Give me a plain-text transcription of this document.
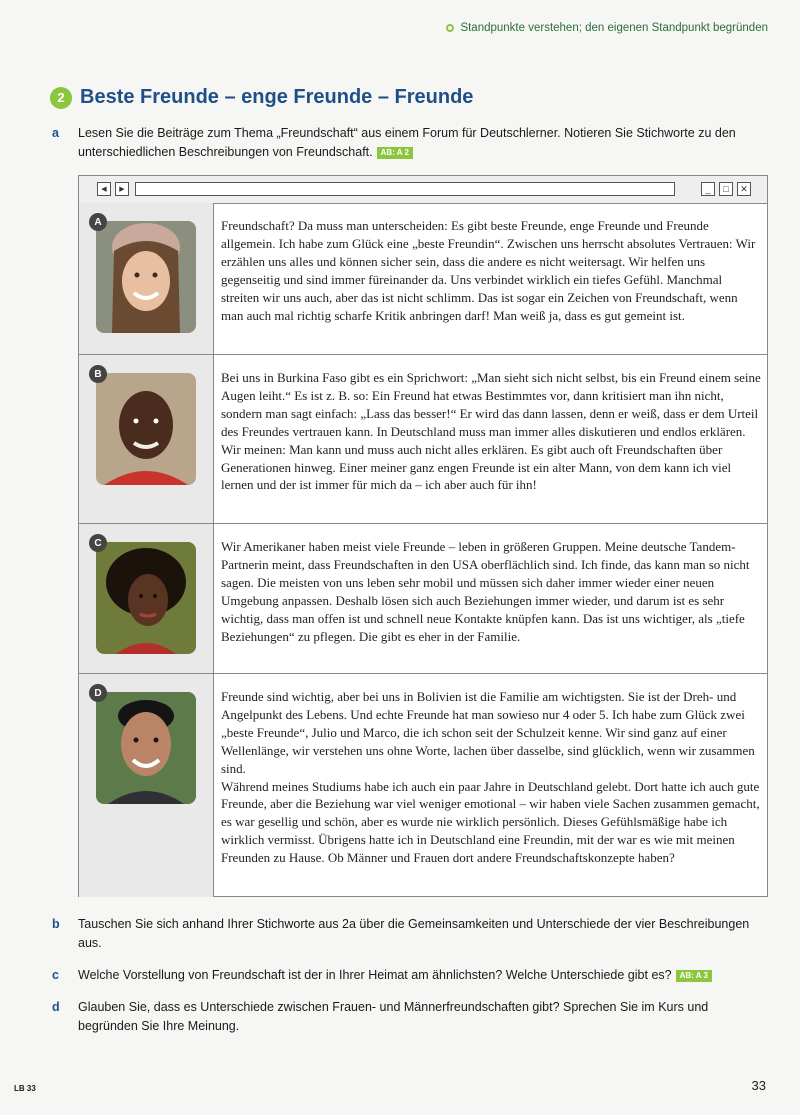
Standpunkte verstehen; den eigenen Standpunkt begründen
2 Beste Freunde – enge Freunde – Freunde
a Lesen Sie die Beiträge zum Thema „Freundschaft“ aus einem Forum für Deutschlerner. Notieren Sie Stichworte zu den unterschiedlichen Beschreibungen von Freundschaft. AB: A 2
◀	▶	_	□	✕
A	Freundschaft? Da muss man unterscheiden: Es gibt beste Freunde, enge Freunde und Freunde allgemein. Ich habe zum Glück eine „beste Freundin“. Zwischen uns herrscht absolutes Vertrauen: Wir erzählen uns alles und können sicher sein, dass die andere es nicht weitersagt. Wir helfen uns gegenseitig und sind immer füreinander da. Uns verbindet wirklich ein tiefes Gefühl. Manchmal streiten wir uns auch, aber das ist nicht schlimm. Das ist sogar ein Zeichen von Freundschaft, wenn man auch mal richtig scharfe Kritik anbringen darf! Man weiß ja, dass es gut gemeint ist.

B	Bei uns in Burkina Faso gibt es ein Sprichwort: „Man sieht sich nicht selbst, bis ein Freund einem seine Augen leiht.“ Es ist z. B. so: Ein Freund hat etwas Bestimmtes vor, dann kritisiert man ihn nicht, sondern man sagt einfach: „Lass das besser!“ Er wird das dann lassen, denn er weiß, dass er dem Urteil des Freundes vertrauen kann. In Deutschland muss man immer alles diskutieren und endlos erklären. Wir meinen: Man kann und muss auch nicht alles erklären. Es gibt auch oft Freundschaften über Generationen hinweg. Einer meiner ganz engen Freunde ist ein alter Mann, von dem kann ich viel lernen und der ist immer für mich da – ich aber auch für ihn!

C	Wir Amerikaner haben meist viele Freunde – leben in größeren Gruppen. Meine deutsche Tandem-Partnerin meint, dass Freundschaften in den USA oberflächlich sind. Ich finde, das kann man so nicht sagen. Die meisten von uns leben sehr mobil und müssen sich daher immer wieder einer neuen Umgebung anpassen. Deshalb lösen sich auch Beziehungen immer wieder, und darum ist es sehr wichtig, dass man offen ist und schnell neue Kontakte knüpfen kann. Das ist uns wichtiger, als „tiefe Beziehungen“ zu pflegen. Die gibt es eher in der Familie.

D	Freunde sind wichtig, aber bei uns in Bolivien ist die Familie am wichtigsten. Sie ist der Dreh- und Angelpunkt des Lebens. Und echte Freunde hat man sowieso nur 4 oder 5. Ich habe zum Glück zwei „beste Freunde“, Julio und Marco, die ich schon seit der Schulzeit kenne. Wir sind ganz auf einer Wellenlänge, wir verstehen uns ohne Worte, lachen über dasselbe, sind glücklich, wenn wir zusammen sind.

Während meines Studiums habe ich auch ein paar Jahre in Deutschland gelebt. Dort hatte ich auch gute Freunde, aber die Beziehung war viel weniger emotional – wir haben viele Sachen zusammen gemacht, es war gesellig und schön, aber es wurde nie wirklich persönlich. Dieses Gefühlsmäßige habe ich wirklich vermisst. Übrigens hatte ich in Deutschland eine Freundin, mit der war es wie mit meinen Freunden zu Hause. Ob Männer und Frauen dort andere Freundschaftskonzepte haben?

b Tauschen Sie sich anhand Ihrer Stichworte aus 2a über die Gemeinsamkeiten und Unterschiede der vier Beschreibungen aus.
c Welche Vorstellung von Freundschaft ist der in Ihrer Heimat am ähnlichsten? Welche Unterschiede gibt es? AB: A 3
d Glauben Sie, dass es Unterschiede zwischen Frauen- und Männerfreundschaften gibt? Sprechen Sie im Kurs und begründen Sie Ihre Meinung.
LB 33	33
